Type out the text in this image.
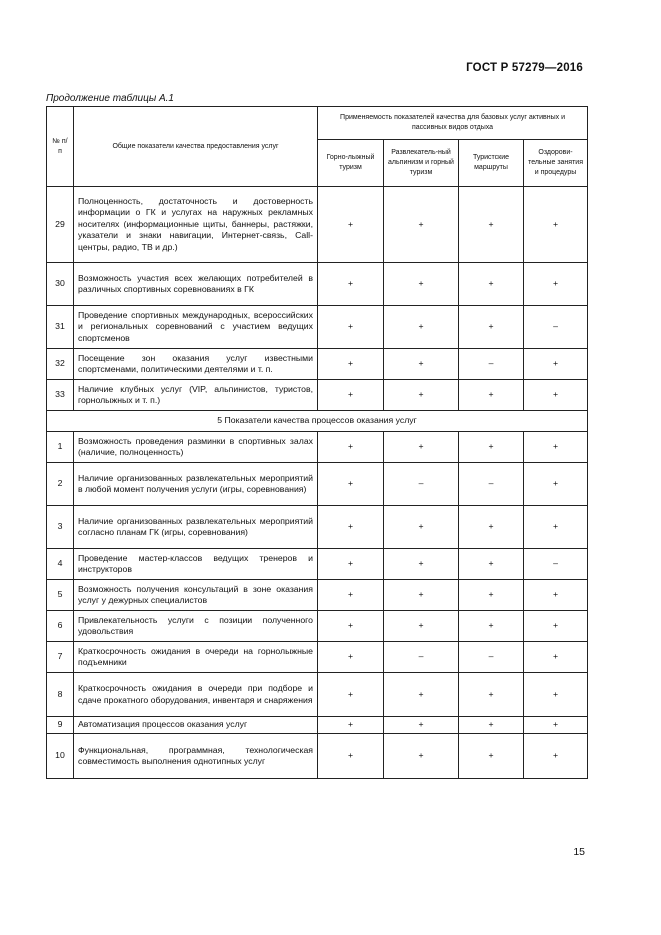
ГОСТ Р 57279—2016
Продолжение таблицы А.1
№ п/п	Общие показатели качества предоставления услуг	Применяемость показателей качества для базовых услуг активных и пассивных видов отдыха			
		Горно-лыжный туризм	Развлекатель-ный альпинизм и горный туризм	Туристские маршруты	Оздорови-тельные занятия и процедуры
29	Полноценность, достаточность и достоверность информации о ГК и услугах на наружных рекламных носителях (информационные щиты, баннеры, растяжки, указатели и знаки навигации, Интернет-связь, Call-центры, радио, ТВ и др.)	+	+	+	+
30	Возможность участия всех желающих потребителей в различных спортивных соревнованиях в ГК	+	+	+	+
31	Проведение спортивных международных, всероссийских и региональных соревнований с участием ведущих спортсменов	+	+	+	–
32	Посещение зон оказания услуг известными спортсменами, политическими деятелями и т. п.	+	+	–	+
33	Наличие клубных услуг (VIP, альпинистов, туристов, горнолыжных и т. п.)	+	+	+	+
5 Показатели качества процессов оказания услуг					
1	Возможность проведения разминки в спортивных залах (наличие, полноценность)	+	+	+	+
2	Наличие организованных развлекательных мероприятий в любой момент получения услуги (игры, соревнования)	+	–	–	+
3	Наличие организованных развлекательных мероприятий согласно планам ГК (игры, соревнования)	+	+	+	+
4	Проведение мастер-классов ведущих тренеров и инструкторов	+	+	+	–
5	Возможность получения консультаций в зоне оказания услуг у дежурных специалистов	+	+	+	+
6	Привлекательность услуги с позиции полученного удовольствия	+	+	+	+
7	Краткосрочность ожидания в очереди на горнолыжные подъемники	+	–	–	+
8	Краткосрочность ожидания в очереди при подборе и сдаче прокатного оборудования, инвентаря и снаряжения	+	+	+	+
9	Автоматизация процессов оказания услуг	+	+	+	+
10	Функциональная, программная, технологическая совместимость выполнения однотипных услуг	+	+	+	+
15
